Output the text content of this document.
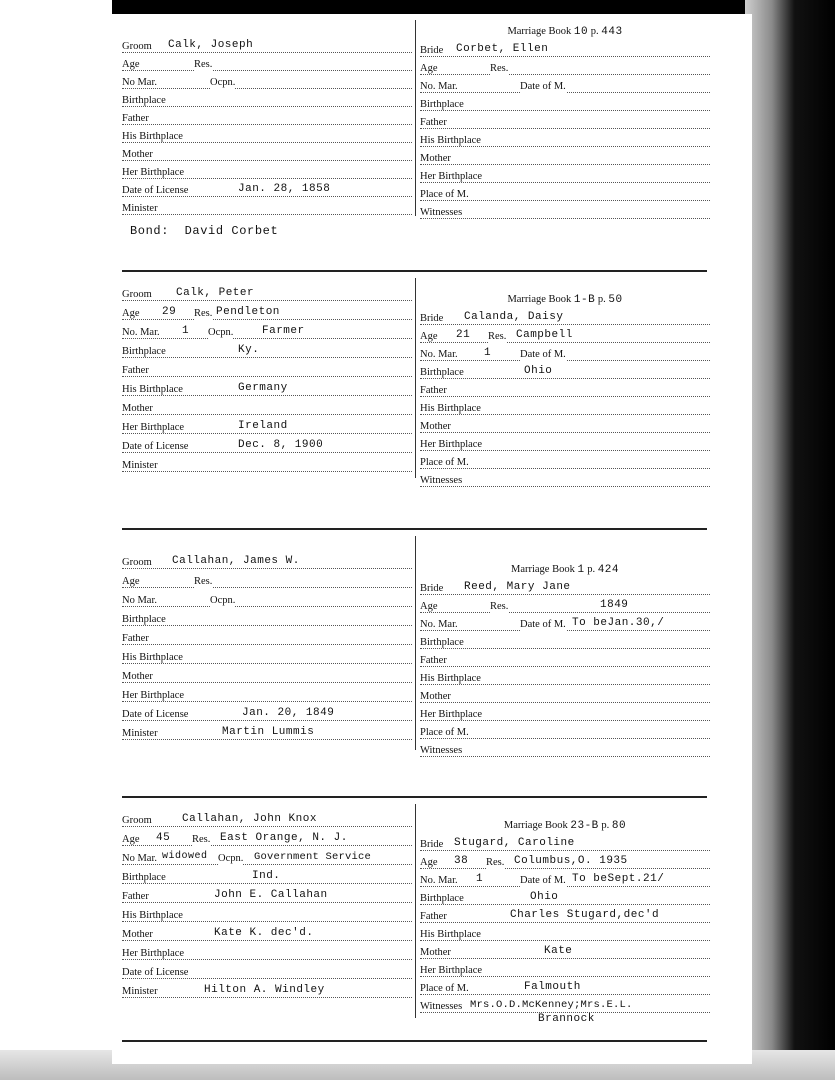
Groom Calk, Joseph
Age	Res.
No Mar.	Ocpn.
Birthplace
Father
His Birthplace
Mother
Her Birthplace
Date of License	Jan. 28, 1858
Minister
Bond: David Corbet
Marriage Book 10 p. 443
Bride Corbet, Ellen
Age	Res.
No. Mar.	Date of M.
Birthplace
Father
His Birthplace
Mother
Her Birthplace
Place of M.
Witnesses
Groom Calk, Peter
Age 29 Res. Pendleton
No. Mar. 1 Ocpn.	Farmer
Birthplace	Ky.
Father
His Birthplace	Germany
Mother
Her Birthplace	Ireland
Date of License	Dec. 8, 1900
Minister
Marriage Book 1-B p. 50
Bride Calanda, Daisy
Age 21 Res. Campbell
No. Mar. 1	Date of M.
Birthplace	Ohio
Father
His Birthplace
Mother
Her Birthplace
Place of M.
Witnesses
Groom Callahan, James W.
Age	Res.
No Mar.	Ocpn.
Birthplace
Father
His Birthplace
Mother
Her Birthplace
Date of License	Jan. 20, 1849
Minister	Martin Lummis
Marriage Book 1 p. 424
Bride Reed, Mary Jane
Age	Res.	1849
No. Mar.	Date of M. To beJan.30,/
Birthplace
Father
His Birthplace
Mother
Her Birthplace
Place of M.
Witnesses
Groom	Callahan, John Knox
Age 45 Res. East Orange, N. J.
No Mar. widowed Ocpn. Government Service
Birthplace	Ind.
Father	John E. Callahan
His Birthplace
Mother	Kate K. dec'd.
Her Birthplace
Date of License
Minister	Hilton A. Windley
Marriage Book 23-B p. 80
Bride Stugard, Caroline
Age 38 Res. Columbus,O. 1935
No. Mar. 1	Date of M. To beSept.21/
Birthplace	Ohio
Father	Charles Stugard,dec'd
His Birthplace
Mother	Kate
Her Birthplace
Place of M.	Falmouth
Witnesses Mrs.O.D.McKenney;Mrs.E.L.
Brannock
